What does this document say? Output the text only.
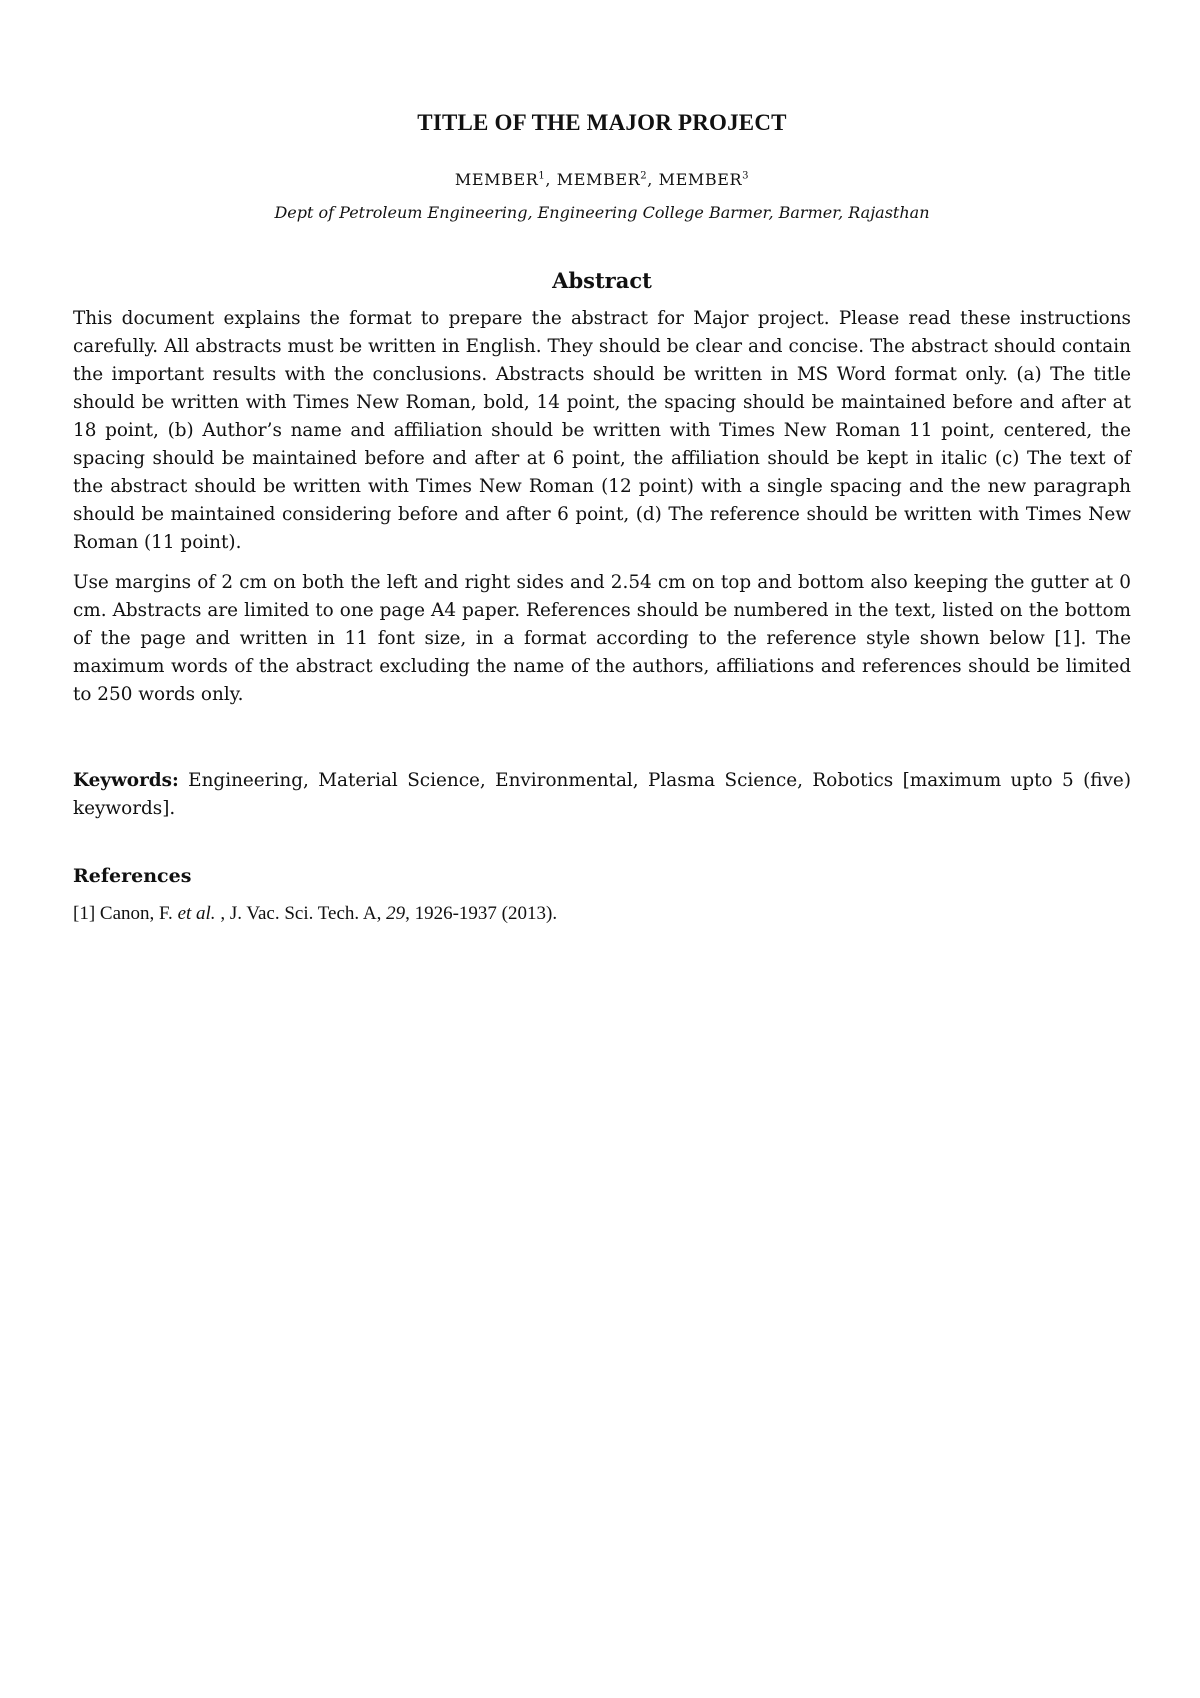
TITLE OF THE MAJOR PROJECT
MEMBER$^1$, MEMBER$^2$, MEMBER$^3$
Dept of Petroleum Engineering, Engineering College Barmer, Barmer, Rajasthan
Abstract

This document explains the format to prepare the abstract for Major project. Please read these instructions carefully. All abstracts must be written in English. They should be clear and concise. The abstract should contain the important results with the conclusions. Abstracts should be written in MS Word format only. (a) The title should be written with Times New Roman, bold, 14 point, the spacing should be maintained before and after at 18 point, (b) Author’s name and affiliation should be written with Times New Roman 11 point, centered, the spacing should be maintained before and after at 6 point, the affiliation should be kept in italic (c) The text of the abstract should be written with Times New Roman (12 point) with a single spacing and the new paragraph should be maintained considering before and after 6 point, (d) The reference should be written with Times New Roman (11 point).

Use margins of 2 cm on both the left and right sides and 2.54 cm on top and bottom also keeping the gutter at 0 cm. Abstracts are limited to one page A4 paper. References should be numbered in the text, listed on the bottom of the page and written in 11 font size, in a format according to the reference style shown below [1]. The maximum words of the abstract excluding the name of the authors, affiliations and references should be limited to 250 words only.

Keywords: Engineering, Material Science, Environmental, Plasma Science, Robotics [maximum upto 5 (five) keywords].

References
[1] Canon, F. et al. , J. Vac. Sci. Tech. A, 29, 1926-1937 (2013).
